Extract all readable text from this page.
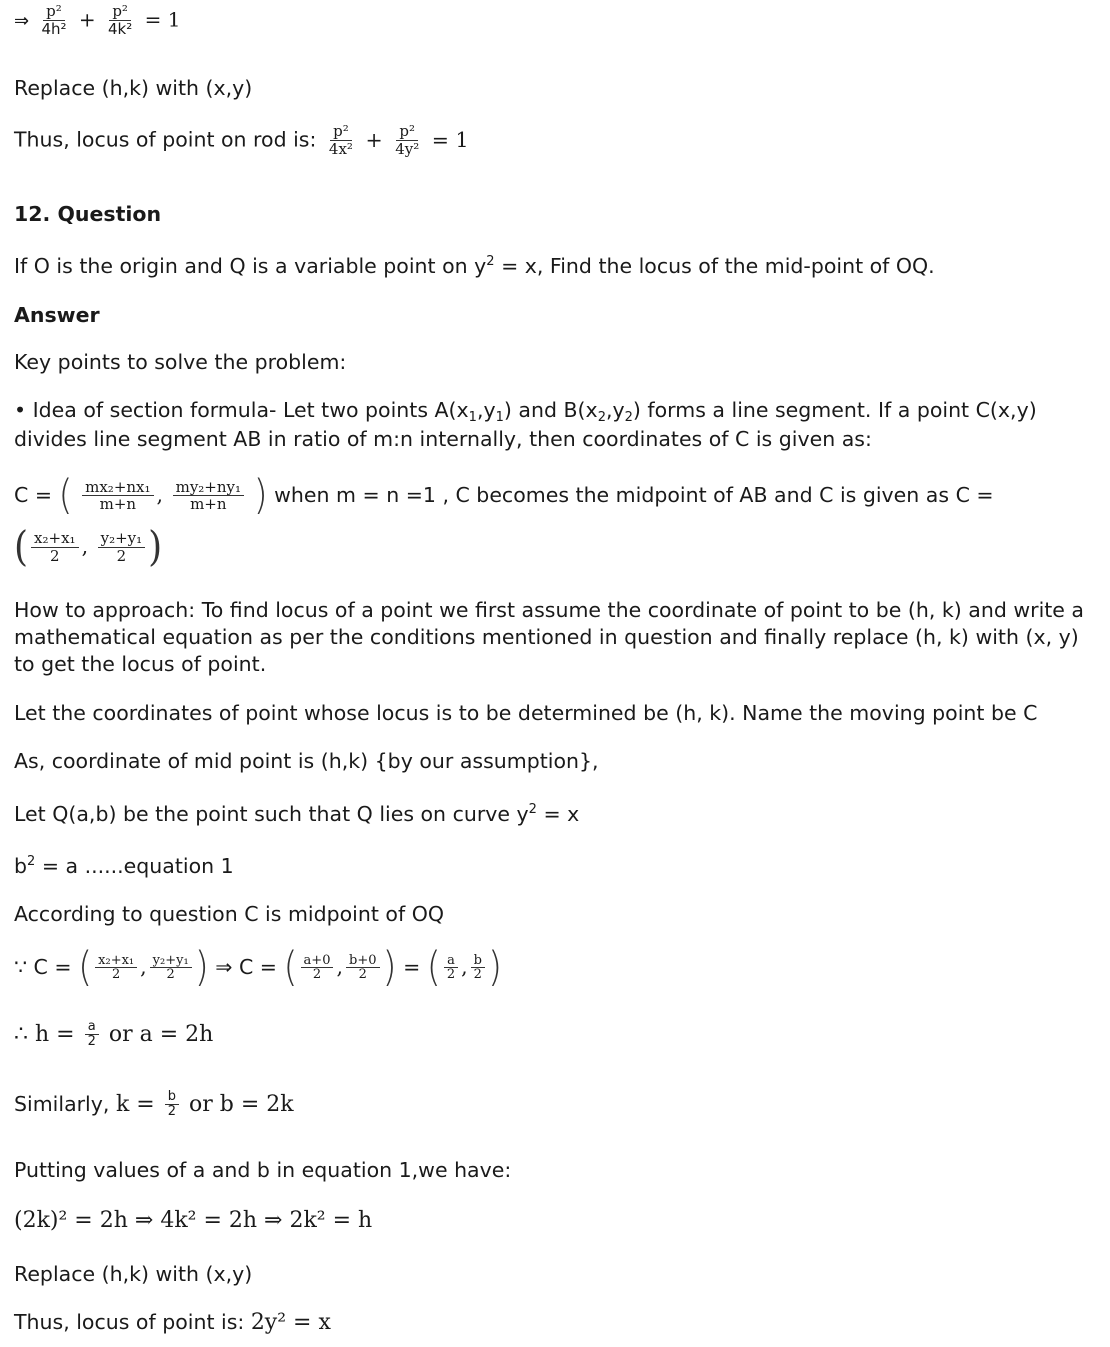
⇒ $\frac{\text{p²}}{\text{4h²}} + \frac{\text{p²}}{\text{4k²}} = 1$
Replace (h,k) with (x,y)
Thus, locus of point on rod is: $\frac{\text{p²}}{\text{4x²}} + \frac{\text{p²}}{\text{4y²}} = 1$
12. Question
If O is the origin and Q is a variable point on $y^2 = x$, Find the locus of the mid-point of OQ.
Answer
Key points to solve the problem:
• Idea of section formula- Let two points $A(x_1,y_1)$ and $B(x_2,y_2)$ forms a line segment. If a point C(x,y) divides line segment AB in ratio of m:n internally, then coordinates of C is given as:
C = ( $\frac{\text{mx₂+nx₁}}{m+n}$ , $\frac{\text{my₂+ny₁}}{m+n}$ ) when m = n =1 , C becomes the midpoint of AB and C is given as C =
( $\frac{\text{x₂+x₁}}{2}$ , $\frac{\text{y₂+y₁}}{2}$ )
How to approach: To find locus of a point we first assume the coordinate of point to be (h, k) and write a mathematical equation as per the conditions mentioned in question and finally replace (h, k) with (x, y) to get the locus of point.
Let the coordinates of point whose locus is to be determined be (h, k). Name the moving point be C
As, coordinate of mid point is (h,k) {by our assumption},
Let Q(a,b) be the point such that Q lies on curve $y^2 = x$
$b^2 = a$ ......equation 1
According to question C is midpoint of OQ
∵ C = ( $\frac{\text{x₂+x₁}}{2}$ , $\frac{\text{y₂+y₁}}{2}$ ) ⇒ C = ( $\frac{a+0}{2}$ , $\frac{b+0}{2}$ ) = ( $\frac{a}{2}$ , $\frac{b}{2}$ )
∴ $h = \frac{a}{2}$ or a = 2h
Similarly, $k = \frac{b}{2}$ or b = 2k
Putting values of a and b in equation 1,we have:
(2k)² = 2h ⇒ 4k² = 2h ⇒ 2k² = h
Replace (h,k) with (x,y)
Thus, locus of point is: 2y² = x
